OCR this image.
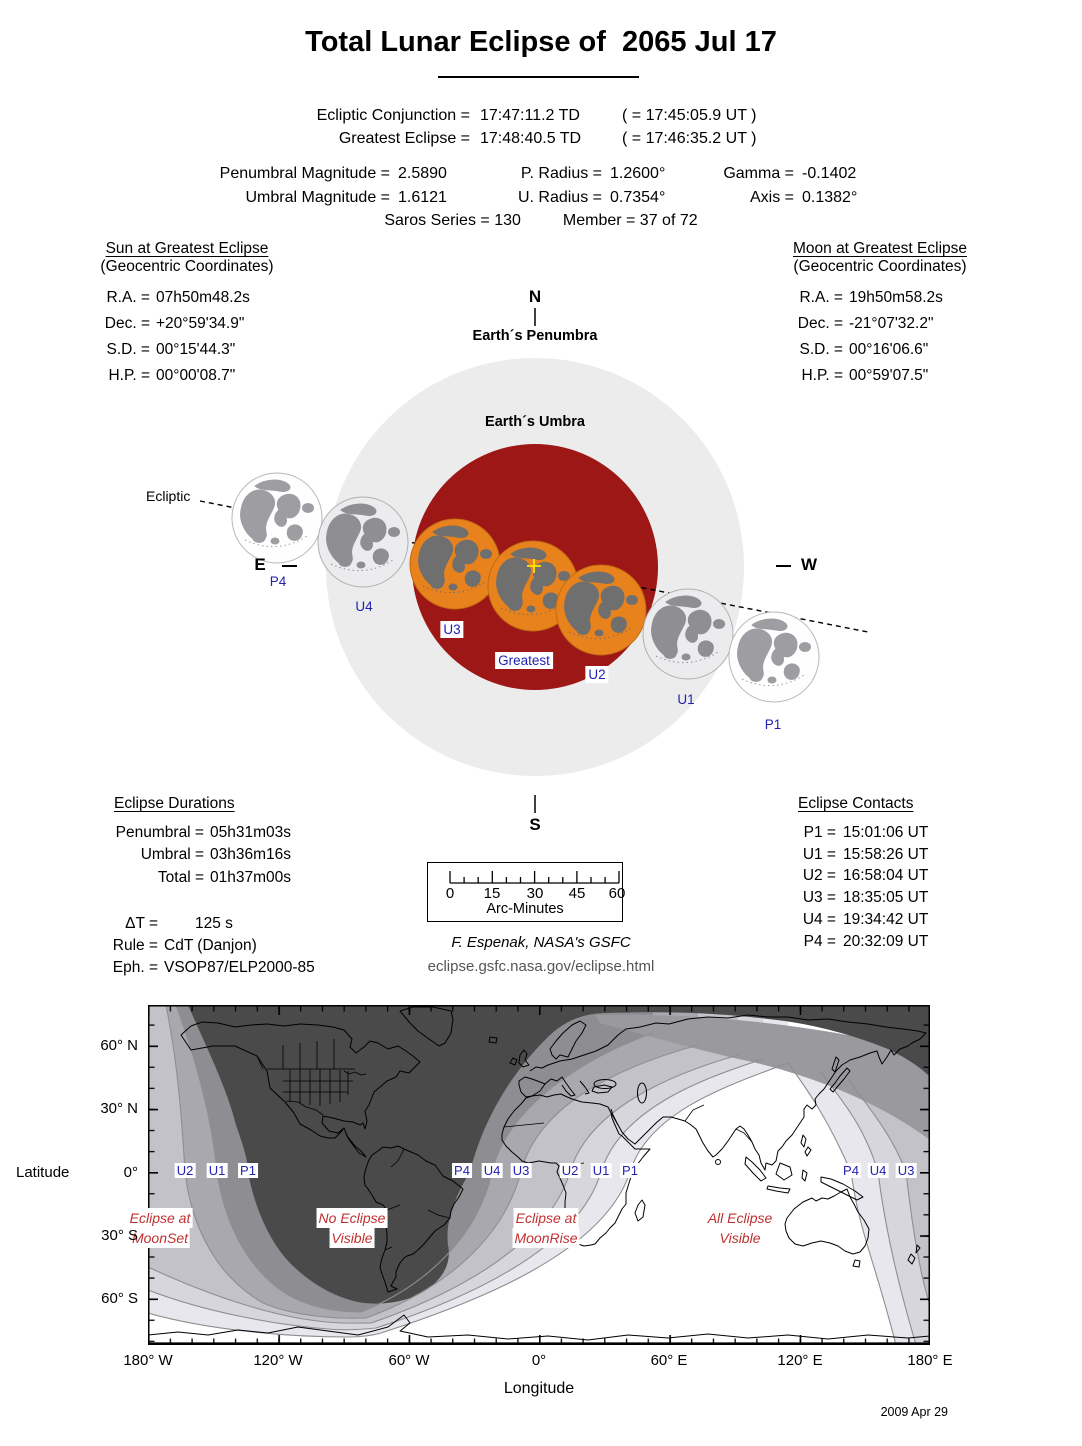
Total Lunar Eclipse of  2065 Jul 17
Ecliptic Conjunction = 17:47:11.2 TD	( = 17:45:05.9 UT )
Greatest Eclipse = 17:48:40.5 TD	( = 17:46:35.2 UT )
Penumbral Magnitude = 2.5890	P. Radius = 1.2600°	Gamma = -0.1402
Umbral Magnitude = 1.6121	U. Radius = 0.7354°	Axis = 0.1382°
Saros Series = 130	Member = 37 of 72
Sun at Greatest Eclipse
(Geocentric Coordinates)
R.A. = 07h50m48.2s
Dec. = +20°59'34.9"
S.D. = 00°15'44.3"
H.P. = 00°00'08.7"
Moon at Greatest Eclipse
(Geocentric Coordinates)
R.A. = 19h50m58.2s
Dec. = -21°07'32.2"
S.D. = 00°16'06.6"
H.P. = 00°59'07.5"
N
Earth´s Penumbra
Earth´s Umbra
Ecliptic
E	W
S
P4
U4
U3
Greatest
U2
U1
P1
Eclipse Durations
Penumbral = 05h31m03s
Umbral = 03h36m16s
Total = 01h37m00s
ΔT =	125 s
Rule = CdT (Danjon)
Eph. = VSOP87/ELP2000-85
Eclipse Contacts
P1 = 15:01:06 UT
U1 = 15:58:26 UT
U2 = 16:58:04 UT
U3 = 18:35:05 UT
U4 = 19:34:42 UT
P4 = 20:32:09 UT
0 15 30 45 60
Arc-Minutes
F. Espenak, NASA's GSFC
eclipse.gsfc.nasa.gov/eclipse.html
U2 U1 P1	P4 U4 U3 U2 U1 P1	P4 U4 U3
Eclipse at
MoonSet
No Eclipse
Visible
Eclipse at
MoonRise
All Eclipse
Visible
60° N
30° N
0°
30° S
60° S
Latitude
180° W	120° W	60° W	0°	60° E	120° E	180° E
Longitude
2009 Apr 29
